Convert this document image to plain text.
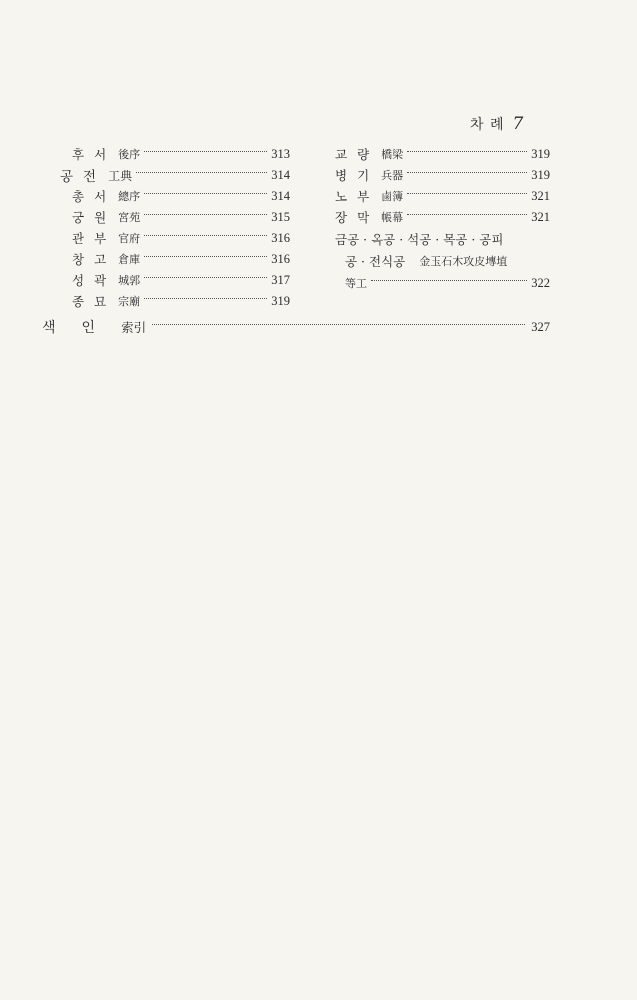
차 례 7
후서 後序	313
공전 工典	314
총서 總序	314
궁원 宮苑	315
관부 官府	316
창고 倉庫	316
성곽 城郭	317
종묘 宗廟	319
교량 橋梁	319
병기 兵器	319
노부 鹵簿	321
장막 帳幕	321
금공 · 옥공 · 석공 · 목공 · 공피
공 · 전식공 金玉石木攻皮塼埴
等工	322
색인 索引	327
